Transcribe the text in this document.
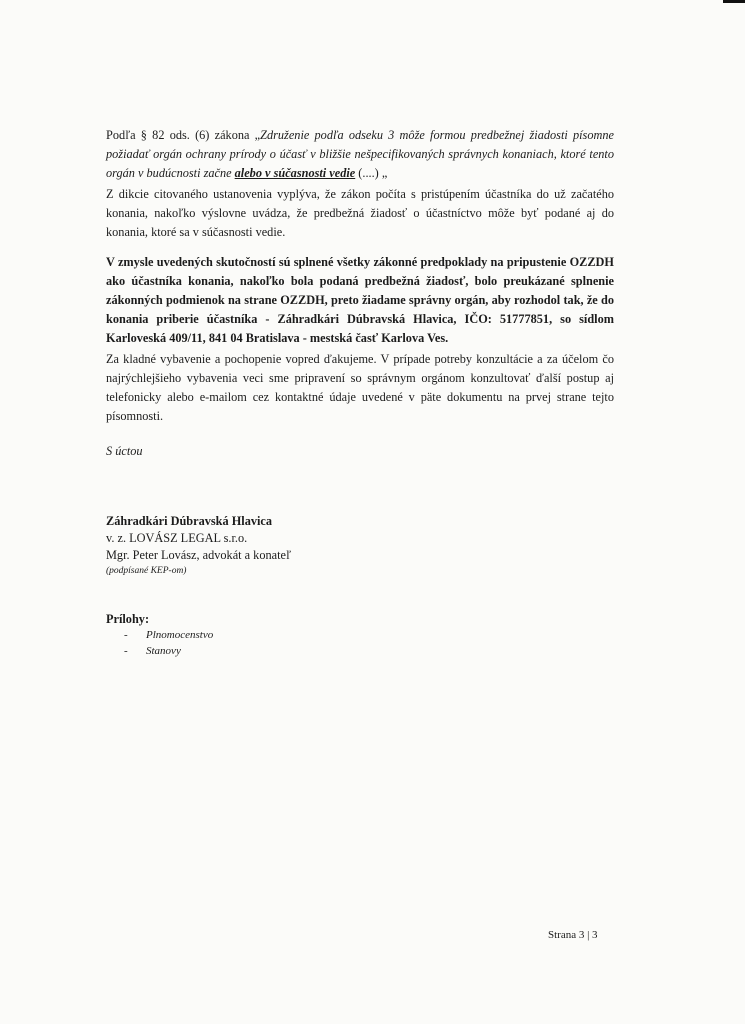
Podľa § 82 ods. (6) zákona „Združenie podľa odseku 3 môže formou predbežnej žiadosti písomne požiadať orgán ochrany prírody o účasť v bližšie nešpecifikovaných správnych konaniach, ktoré tento orgán v budúcnosti začne alebo v súčasnosti vedie (....) „
Z dikcie citovaného ustanovenia vyplýva, že zákon počíta s pristúpením účastníka do už začatého konania, nakoľko výslovne uvádza, že predbežná žiadosť o účastníctvo môže byť podané aj do konania, ktoré sa v súčasnosti vedie.
V zmysle uvedených skutočností sú splnené všetky zákonné predpoklady na pripustenie OZZDH ako účastníka konania, nakoľko bola podaná predbežná žiadosť, bolo preukázané splnenie zákonných podmienok na strane OZZDH, preto žiadame správny orgán, aby rozhodol tak, že do konania priberie účastníka - Záhradkári Dúbravská Hlavica, IČO: 51777851, so sídlom Karloveská 409/11, 841 04 Bratislava - mestská časť Karlova Ves.
Za kladné vybavenie a pochopenie vopred ďakujeme. V prípade potreby konzultácie a za účelom čo najrýchlejšieho vybavenia veci sme pripravení so správnym orgánom konzultovať ďalší postup aj telefonicky alebo e-mailom cez kontaktné údaje uvedené v päte dokumentu na prvej strane tejto písomnosti.
S úctou
Záhradkári Dúbravská Hlavica
v. z. LOVÁSZ LEGAL s.r.o.
Mgr. Peter Lovász, advokát a konateľ
(podpísané KEP-om)
Prílohy:
- Plnomocenstvo
- Stanovy
Strana 3 | 3
